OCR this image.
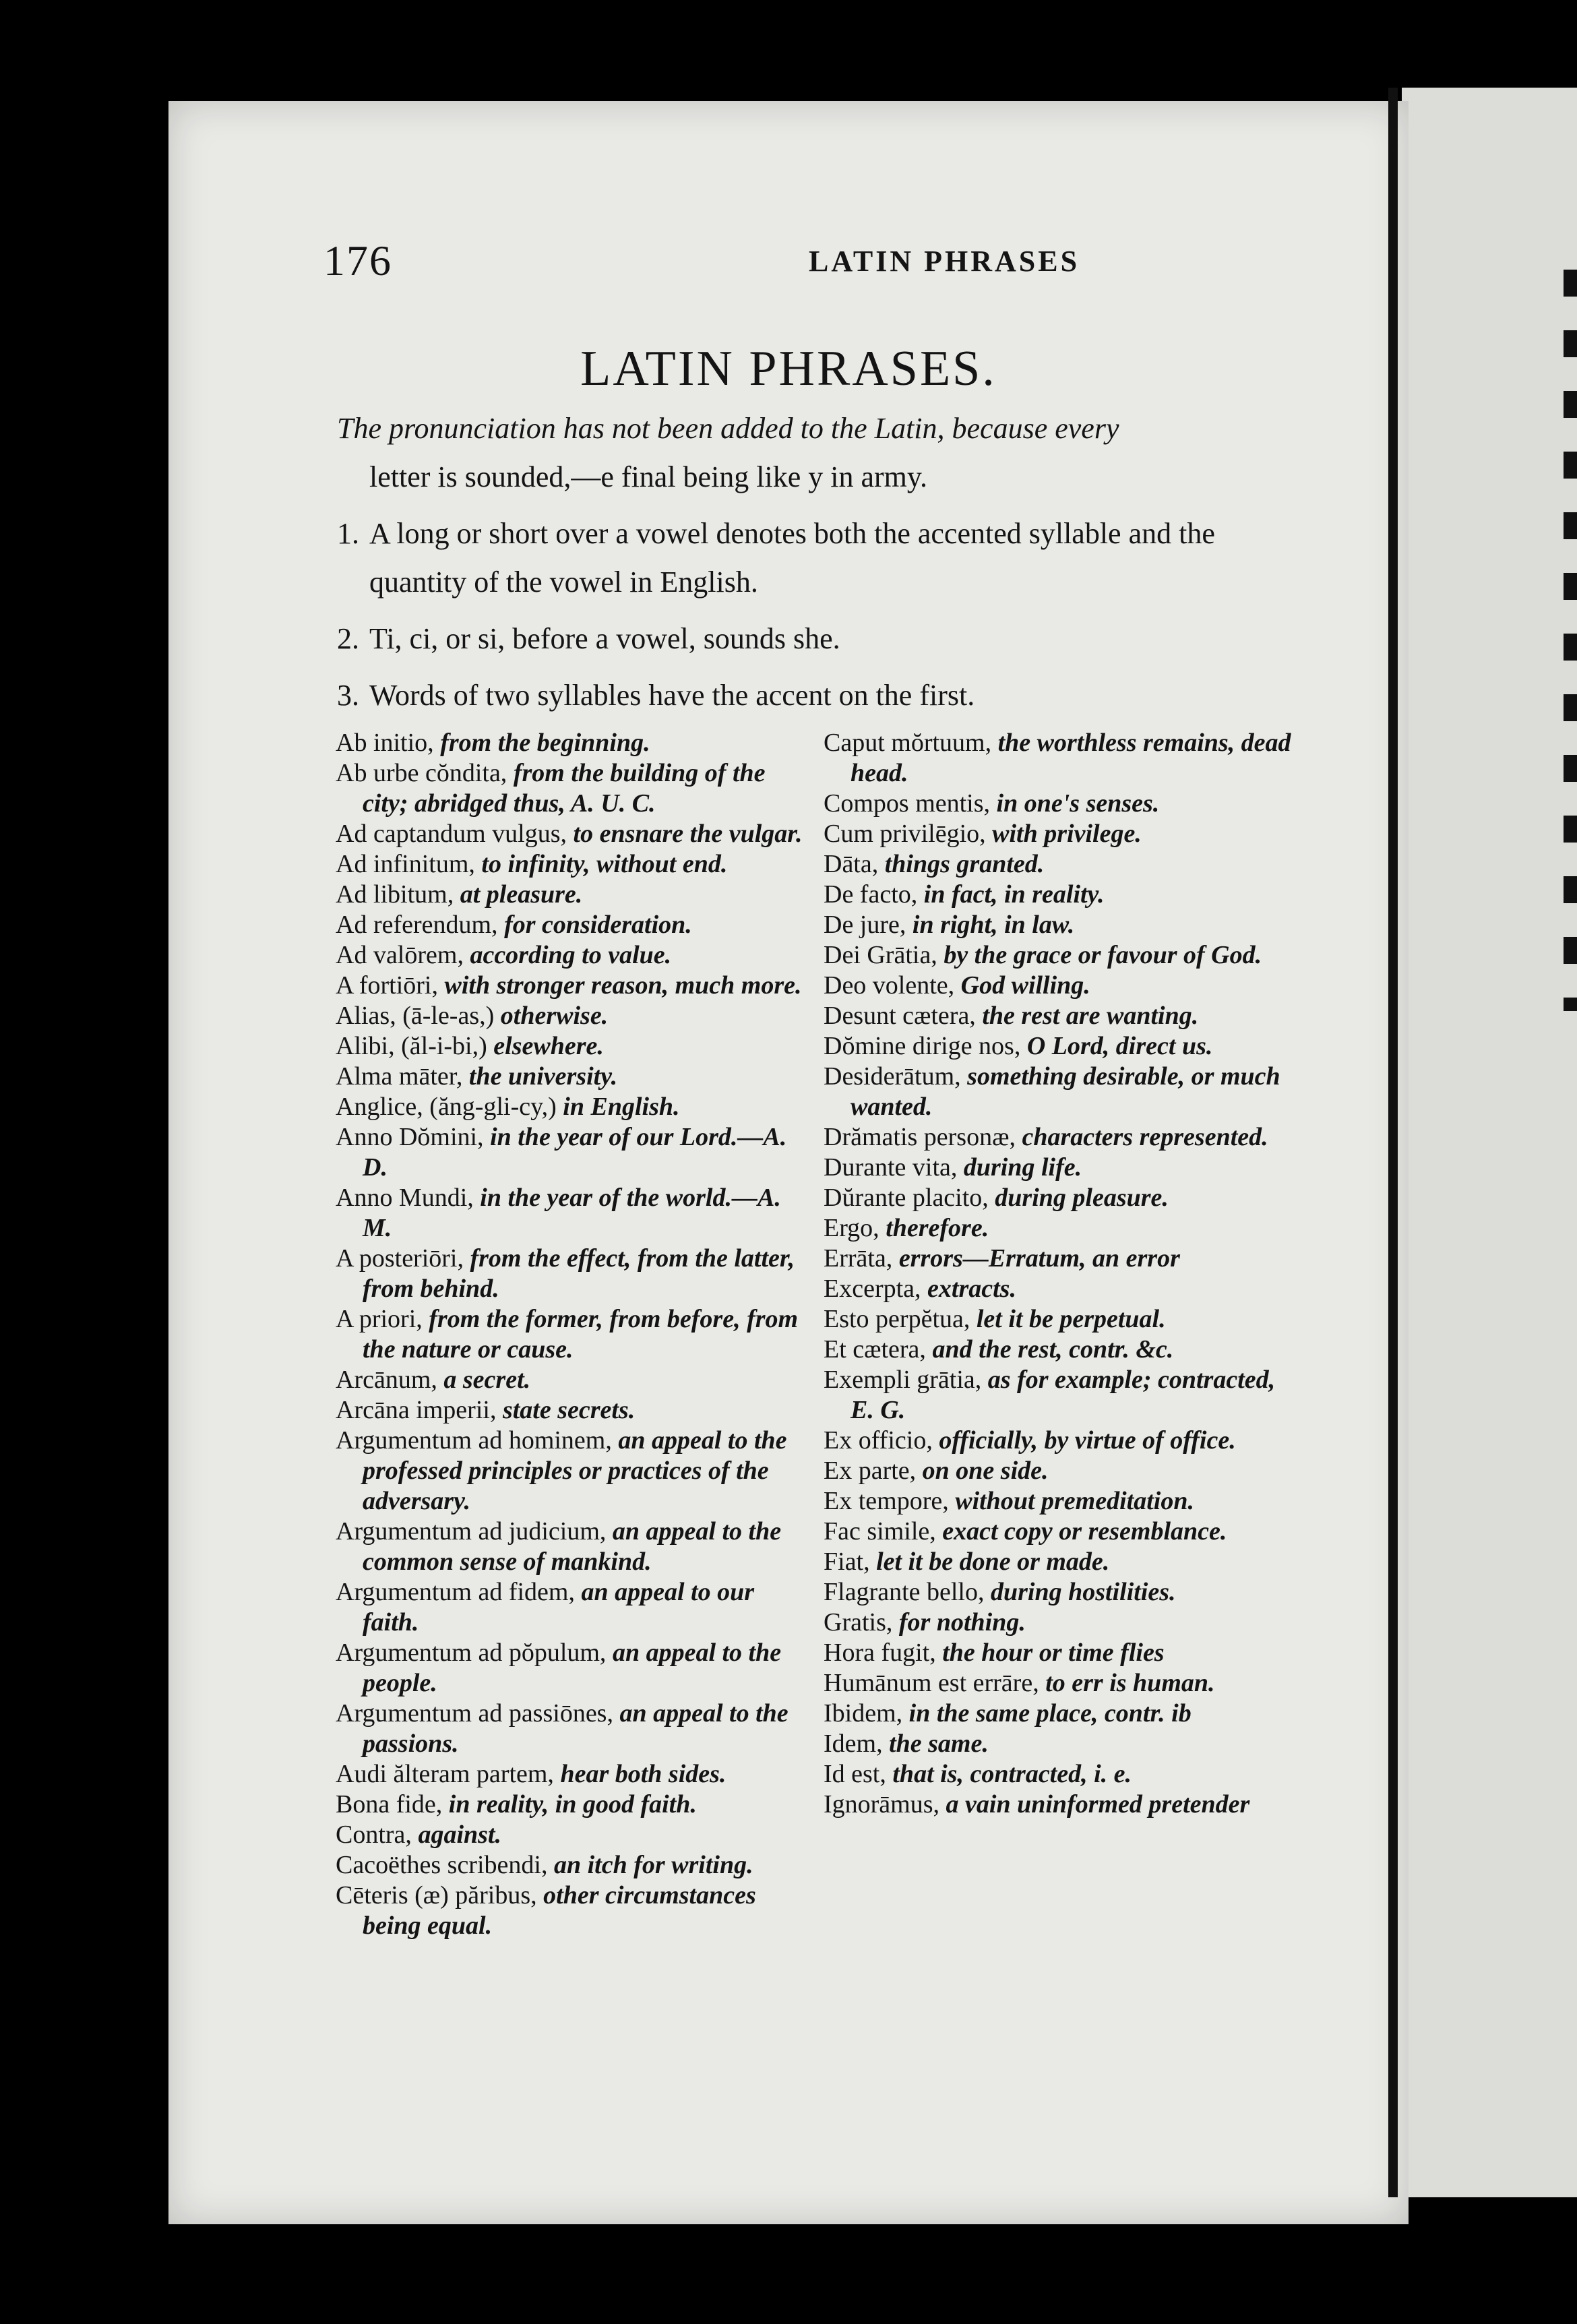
176	LATIN PHRASES
LATIN PHRASES.

The pronunciation has not been added to the Latin, because every
letter is sounded,—e final being like y in army.

1. A long or short over a vowel denotes both the accented syllable and the quantity of the vowel in English.

2. Ti, ci, or si, before a vowel, sounds she.

3. Words of two syllables have the accent on the first.

Ab initio, from the beginning.

Ab urbe cŏndita, from the building of the city; abridged thus, A. U. C.

Ad captandum vulgus, to ensnare the vulgar.

Ad infinitum, to infinity, without end.

Ad libitum, at pleasure.

Ad referendum, for consideration.

Ad valōrem, according to value.

A fortiōri, with stronger reason, much more.

Alias, (ā-le-as,) otherwise.

Alibi, (ăl-i-bi,) elsewhere.

Alma māter, the university.

Anglice, (ăng-gli-cy,) in English.

Anno Dŏmini, in the year of our Lord.—A. D.

Anno Mundi, in the year of the world.—A. M.

A posteriōri, from the effect, from the latter, from behind.

A priori, from the former, from before, from the nature or cause.

Arcānum, a secret.

Arcāna imperii, state secrets.

Argumentum ad hominem, an appeal to the professed principles or practices of the adversary.

Argumentum ad judicium, an appeal to the common sense of mankind.

Argumentum ad fidem, an appeal to our faith.

Argumentum ad pŏpulum, an appeal to the people.

Argumentum ad passiōnes, an appeal to the passions.

Audi ălteram partem, hear both sides.

Bona fide, in reality, in good faith.

Contra, against.

Cacoëthes scribendi, an itch for writing.

Cēteris (æ) păribus, other circumstances being equal.

Caput mŏrtuum, the worthless remains, dead head.

Compos mentis, in one's senses.

Cum privilēgio, with privilege.

Dāta, things granted.

De facto, in fact, in reality.

De jure, in right, in law.

Dei Grātia, by the grace or favour of God.

Deo volente, God willing.

Desunt cætera, the rest are wanting.

Dŏmine dirige nos, O Lord, direct us.

Desiderātum, something desirable, or much wanted.

Drămatis personæ, characters represented.

Durante vita, during life.

Dŭrante placito, during pleasure.

Ergo, therefore.

Errāta, errors—Erratum, an error

Excerpta, extracts.

Esto perpĕtua, let it be perpetual.

Et cætera, and the rest, contr. &c.

Exempli grātia, as for example; contracted, E. G.

Ex officio, officially, by virtue of office.

Ex parte, on one side.

Ex tempore, without premeditation.

Fac simile, exact copy or resemblance.

Fiat, let it be done or made.

Flagrante bello, during hostilities.

Gratis, for nothing.

Hora fugit, the hour or time flies

Humānum est errāre, to err is human.

Ibidem, in the same place, contr. ib

Idem, the same.

Id est, that is, contracted, i. e.

Ignorāmus, a vain uninformed pretender
